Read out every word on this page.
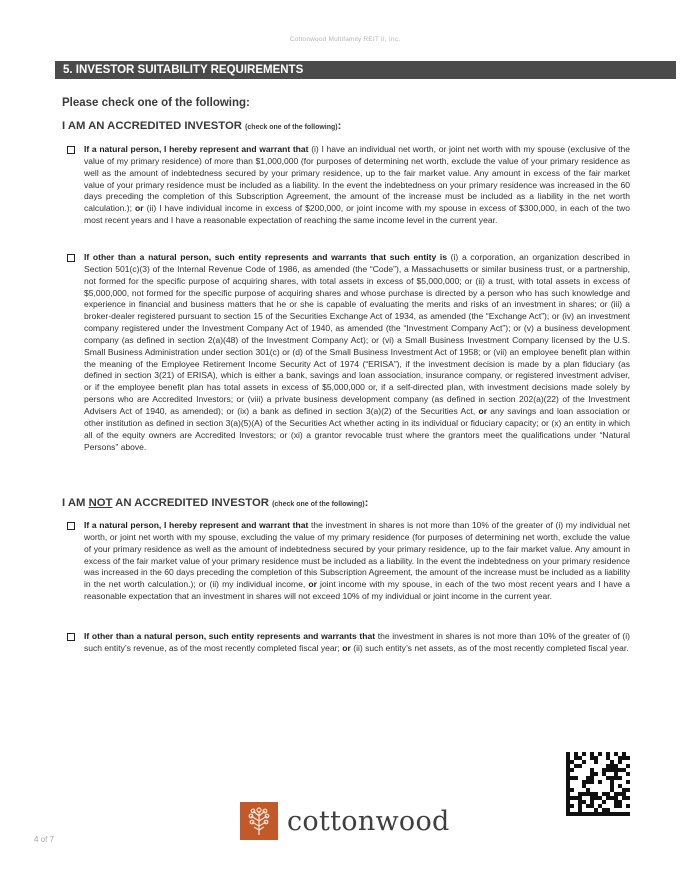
Cottonwood Multifamily REIT II, Inc.
5. INVESTOR SUITABILITY REQUIREMENTS
Please check one of the following:
I AM AN ACCREDITED INVESTOR (check one of the following):
If a natural person, I hereby represent and warrant that (i) I have an individual net worth, or joint net worth with my spouse (exclusive of the value of my primary residence) of more than $1,000,000 (for purposes of determining net worth, exclude the value of your primary residence as well as the amount of indebtedness secured by your primary residence, up to the fair market value. Any amount in excess of the fair market value of your primary residence must be included as a liability. In the event the indebtedness on your primary residence was increased in the 60 days preceding the completion of this Subscription Agreement, the amount of the increase must be included as a liability in the net worth calculation.); or (ii) I have individual income in excess of $200,000, or joint income with my spouse in excess of $300,000, in each of the two most recent years and I have a reasonable expectation of reaching the same income level in the current year.
If other than a natural person, such entity represents and warrants that such entity is (i) a corporation, an organization described in Section 501(c)(3) of the Internal Revenue Code of 1986, as amended (the “Code”), a Massachusetts or similar business trust, or a partnership, not formed for the specific purpose of acquiring shares, with total assets in excess of $5,000,000; or (ii) a trust, with total assets in excess of $5,000,000, not formed for the specific purpose of acquiring shares and whose purchase is directed by a person who has such knowledge and experience in financial and business matters that he or she is capable of evaluating the merits and risks of an investment in shares; or (iii) a broker-dealer registered pursuant to section 15 of the Securities Exchange Act of 1934, as amended (the “Exchange Act”); or (iv) an investment company registered under the Investment Company Act of 1940, as amended (the “Investment Company Act”); or (v) a business development company (as defined in section 2(a)(48) of the Investment Company Act); or (vi) a Small Business Investment Company licensed by the U.S. Small Business Administration under section 301(c) or (d) of the Small Business Investment Act of 1958; or (vii) an employee benefit plan within the meaning of the Employee Retirement Income Security Act of 1974 (“ERISA”), if the investment decision is made by a plan fiduciary (as defined in section 3(21) of ERISA), which is either a bank, savings and loan association, insurance company, or registered investment adviser, or if the employee benefit plan has total assets in excess of $5,000,000 or, if a self-directed plan, with investment decisions made solely by persons who are Accredited Investors; or (viii) a private business development company (as defined in section 202(a)(22) of the Investment Advisers Act of 1940, as amended); or (ix) a bank as defined in section 3(a)(2) of the Securities Act, or any savings and loan association or other institution as defined in section 3(a)(5)(A) of the Securities Act whether acting in its individual or fiduciary capacity; or (x) an entity in which all of the equity owners are Accredited Investors; or (xi) a grantor revocable trust where the grantors meet the qualifications under “Natural Persons” above.
I AM NOT AN ACCREDITED INVESTOR (check one of the following):
If a natural person, I hereby represent and warrant that the investment in shares is not more than 10% of the greater of (i) my individual net worth, or joint net worth with my spouse, excluding the value of my primary residence (for purposes of determining net worth, exclude the value of your primary residence as well as the amount of indebtedness secured by your primary residence, up to the fair market value. Any amount in excess of the fair market value of your primary residence must be included as a liability. In the event the indebtedness on your primary residence was increased in the 60 days preceding the completion of this Subscription Agreement, the amount of the increase must be included as a liability in the net worth calculation.); or (ii) my individual income, or joint income with my spouse, in each of the two most recent years and I have a reasonable expectation that an investment in shares will not exceed 10% of my individual or joint income in the current year.
If other than a natural person, such entity represents and warrants that the investment in shares is not more than 10% of the greater of (i) such entity’s revenue, as of the most recently completed fiscal year; or (ii) such entity’s net assets, as of the most recently completed fiscal year.
cottonwood
4 of 7
